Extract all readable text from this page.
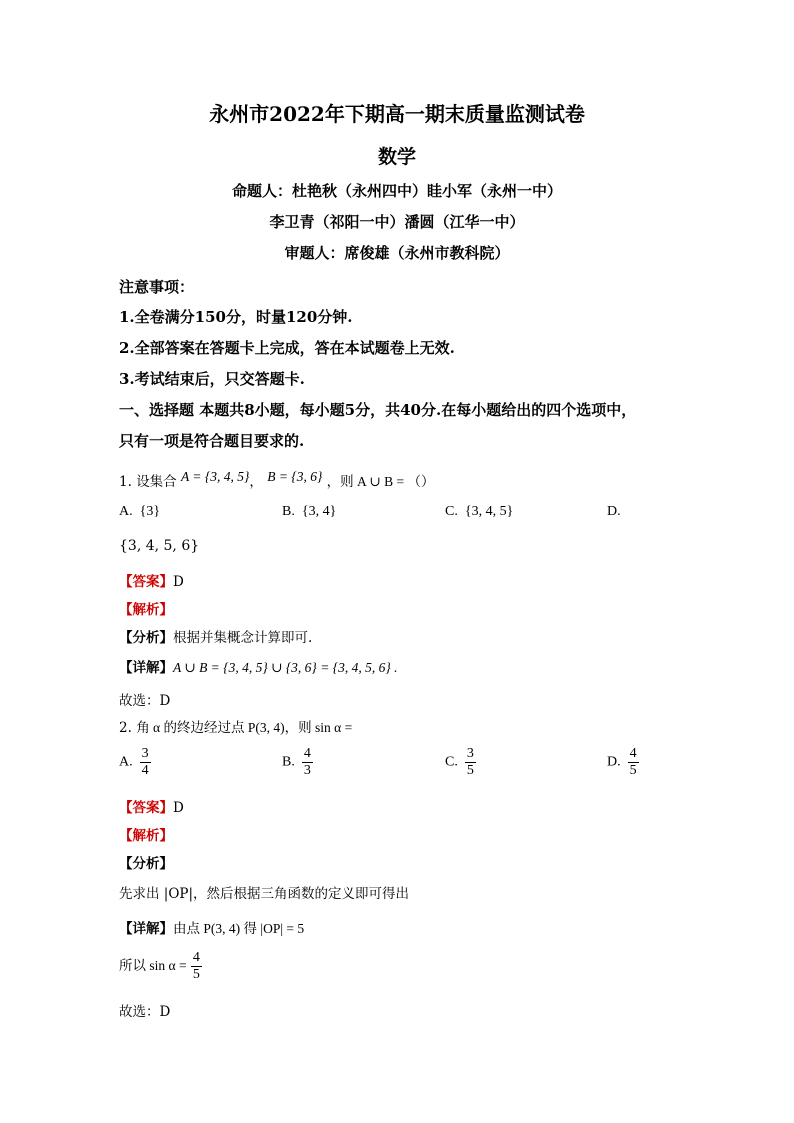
永州市2022年下期高一期末质量监测试卷
数学
命题人：杜艳秋（永州四中）眭小军（永州一中）
李卫青（祁阳一中）潘圆（江华一中）
审题人：席俊雄（永州市教科院）
注意事项：
1.全卷满分150分，时量120分钟.
2.全部答案在答题卡上完成，答在本试题卷上无效.
3.考试结束后，只交答题卡.
一、选择题 本题共8小题，每小题5分，共40分.在每小题给出的四个选项中，
只有一项是符合题目要求的.
1. 设集合 A = {3, 4, 5}， B = {3, 6} ，则 A ∪ B = （）
A. {3}	B. {3, 4}	C. {3, 4, 5}	D.
{3, 4, 5, 6}
【答案】D
【解析】
【分析】根据并集概念计算即可.
【详解】A ∪ B = {3, 4, 5} ∪ {3, 6} = {3, 4, 5, 6} .
故选：D
2. 角 α 的终边经过点 P(3, 4)，则 sin α =
A. $\frac{3}{4}$	B. $\frac{4}{3}$	C. $\frac{3}{5}$	D. $\frac{4}{5}$
【答案】D
【解析】
【分析】
先求出 |OP|，然后根据三角函数的定义即可得出
【详解】由点 P(3, 4) 得 |OP| = 5
所以 $\sin \alpha = \frac{4}{5}$
故选：D
